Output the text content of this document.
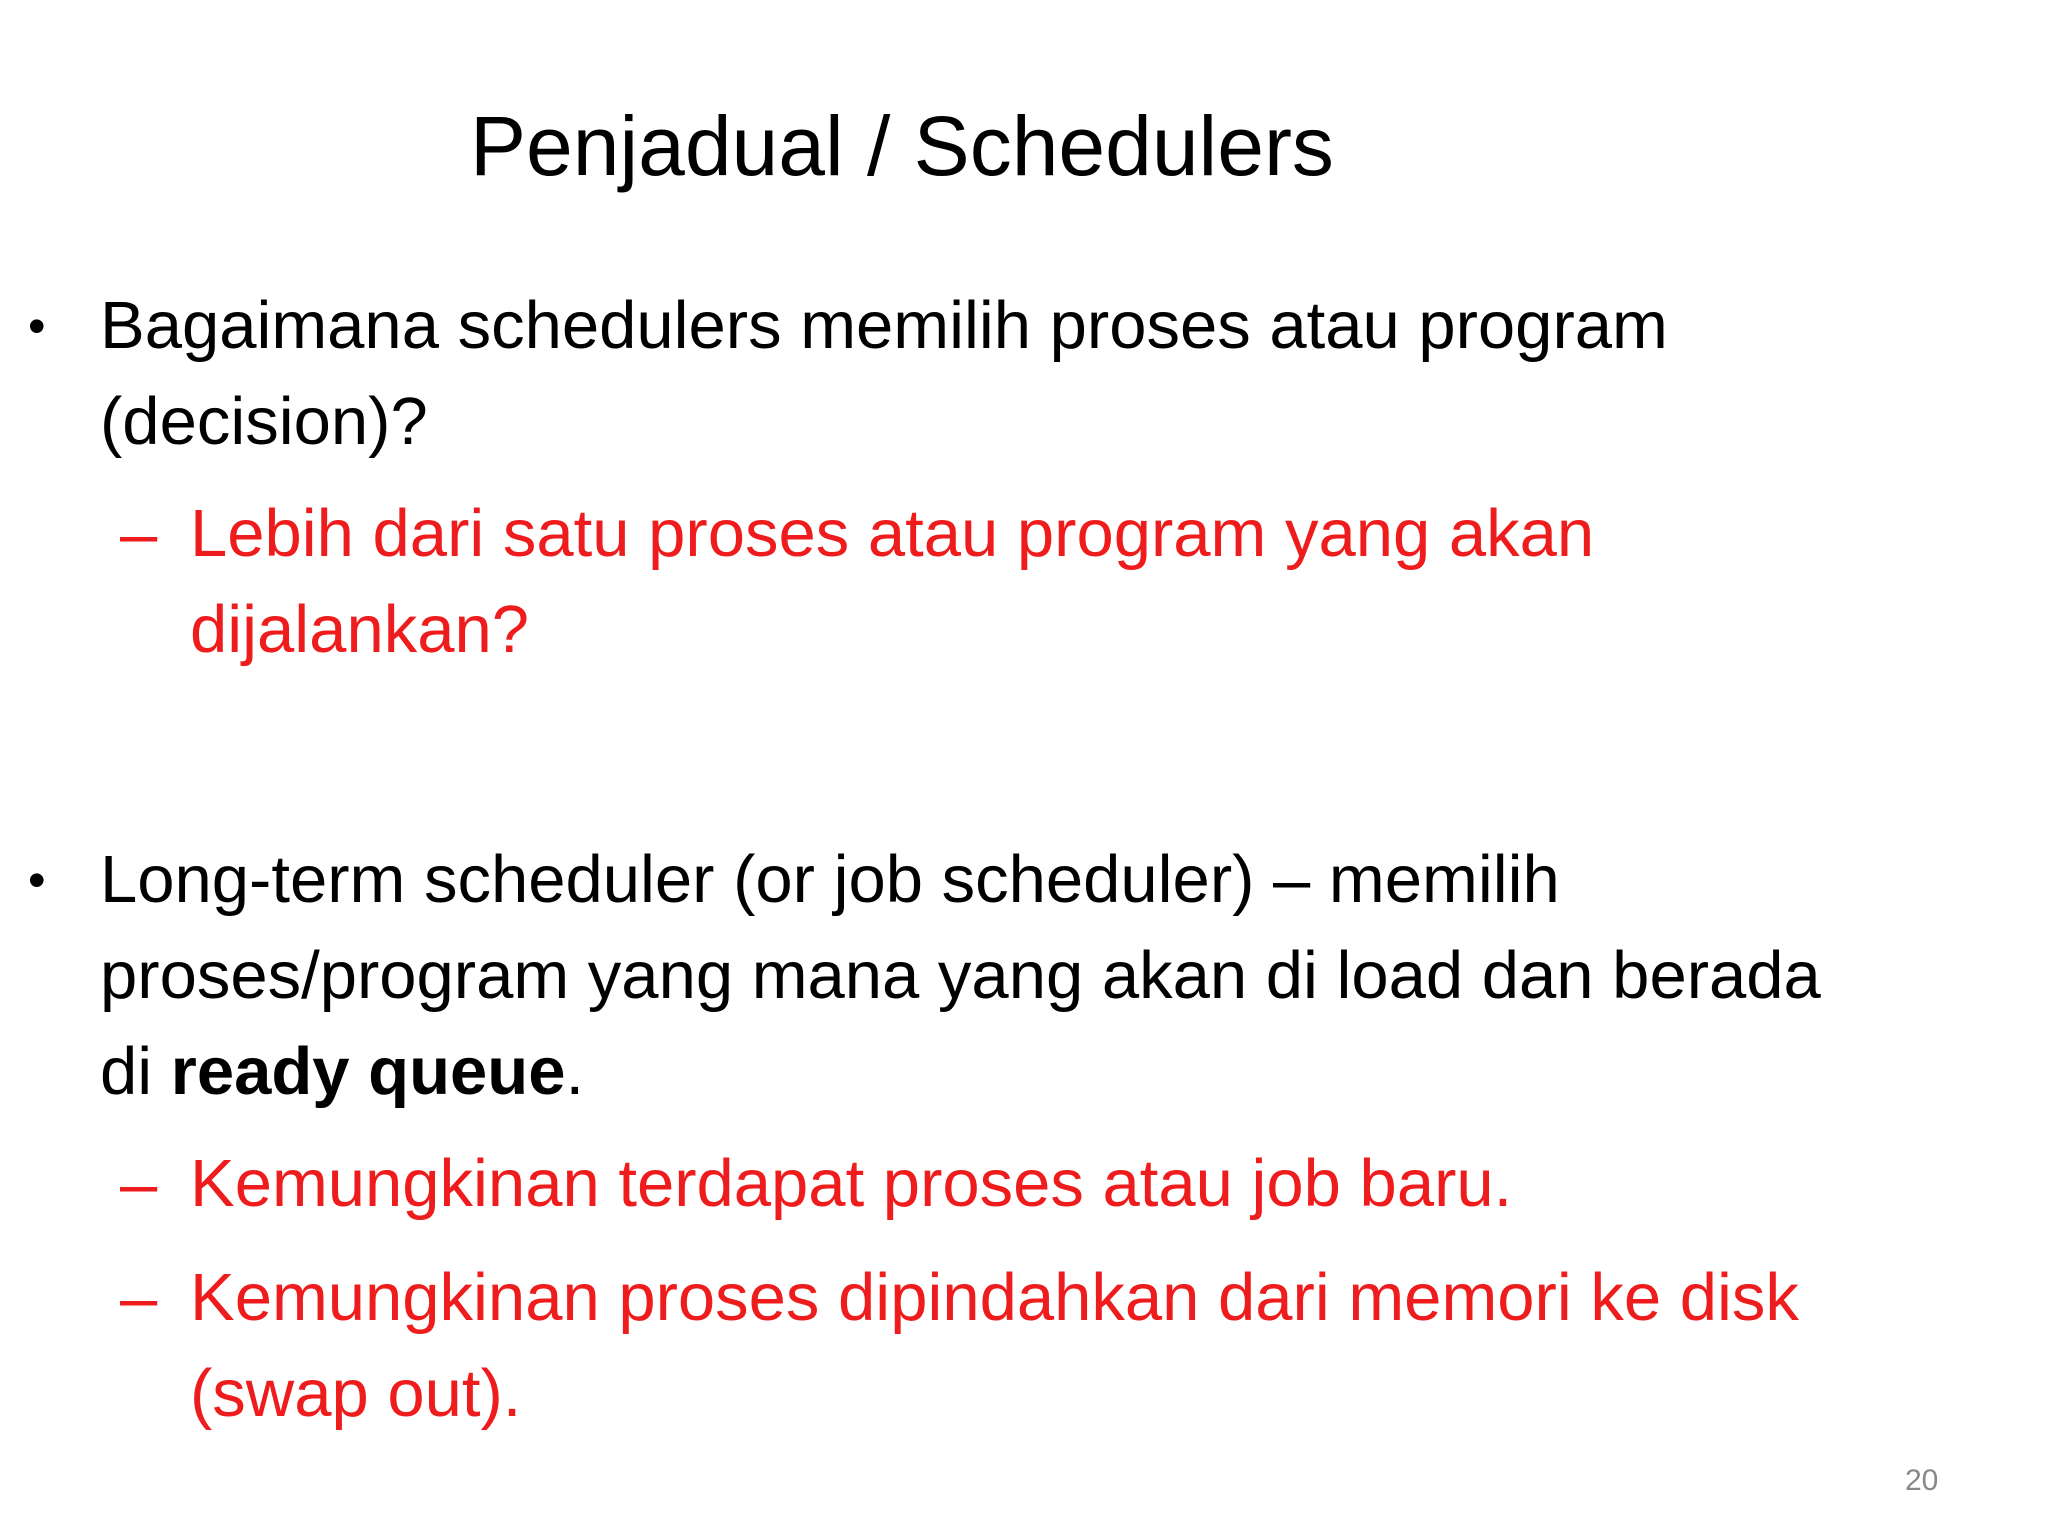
Penjadual / Schedulers
• Bagaimana schedulers memilih proses atau program (decision)?
– Lebih dari satu proses atau program yang akan dijalankan?
• Long-term scheduler (or job scheduler) – memilih proses/program yang mana yang akan di load dan berada di ready queue.
– Kemungkinan terdapat proses atau job baru.
– Kemungkinan proses dipindahkan dari memori ke disk (swap out).
20
